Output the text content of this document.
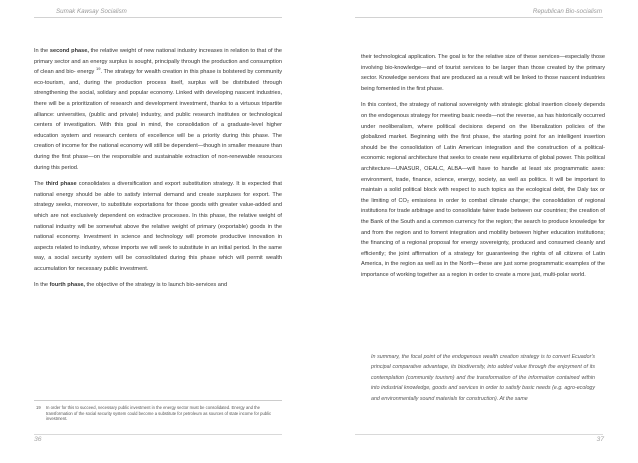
Sumak Kawsay Socialism

In the second phase, the relative weight of new national industry increases in relation to that of the primary sector and an energy surplus is sought, principally through the production and consumption of clean and bio- energy $^{19}$. The strategy for wealth creation in this phase is bolstered by community eco-tourism, and, during the production process itself, surplus will be distributed through strengthening the social, solidary and popular economy. Linked with developing nascent industries, there will be a prioritization of research and development investment, thanks to a virtuous tripartite alliance: universities, (public and private) industry, and public research institutes or technological centers of investigation. With this goal in mind, the consolidation of a graduate-level higher education system and research centers of excellence will be a priority during this phase. The creation of income for the national economy will still be dependent—though in smaller measure than during the first phase—on the responsible and sustainable extraction of non-renewable resources during this period.

The third phase consolidates a diversification and export substitution strategy. It is expected that national energy should be able to satisfy internal demand and create surpluses for export. The strategy seeks, moreover, to substitute exportations for those goods with greater value-added and which are not exclusively dependent on extractive processes. In this phase, the relative weight of national industry will be somewhat above the relative weight of primary (exportable) goods in the national economy. Investment in science and technology will promote productive innovation in aspects related to industry, whose imports we will seek to substitute in an initial period. In the same way, a social security system will be consolidated during this phase which will permit wealth accumulation for necessary public investment.

In the fourth phase, the objective of the strategy is to launch bio-services and

19 In order for this to succeed, necessary public investment in the energy sector must be consolidated. Energy and the transformation of the social security system could become a substitute for petroleum as sources of state income for public investment.
36
Republican Bio-socialism

their technological application. The goal is for the relative size of these services—especially those involving bio-knowledge—and of tourist services to be larger than those created by the primary sector. Knowledge services that are produced as a result will be linked to those nascent industries being fomented in the first phase.

In this context, the strategy of national sovereignty with strategic global insertion closely depends on the endogenous strategy for meeting basic needs—not the reverse, as has historically occurred under neoliberalism, where political decisions depend on the liberalization policies of the globalized market. Beginning with the first phase, the starting point for an intelligent insertion should be the consolidation of Latin American integration and the construction of a political-economic regional architecture that seeks to create new equilibriums of global power. This political architecture—UNASUR, OEALC, ALBA—will have to handle at least six programmatic axes: environment, trade, finance, science, energy, society, as well as politics. It will be important to maintain a solid political block with respect to such topics as the ecological debt, the Daly tax or the limiting of CO₂ emissions in order to combat climate change; the consolidation of regional institutions for trade arbitrage and to consolidate fairer trade between our countries; the creation of the Bank of the South and a common currency for the region; the search to produce knowledge for and from the region and to foment integration and mobility between higher education institutions; the financing of a regional proposal for energy sovereignty, produced and consumed cleanly and efficiently; the joint affirmation of a strategy for guaranteeing the rights of all citizens of Latin America, in the region as well as in the North—these are just some programmatic examples of the importance of working together as a region in order to create a more just, multi-polar world.

In summary, the focal point of the endogenous wealth creation strategy is to convert Ecuador's principal comparative advantage, its biodiversity, into added value through the enjoyment of its contemplation (community tourism) and the transformation of the information contained within into industrial knowledge, goods and services in order to satisfy basic needs (e.g. agro-ecology and environmentally sound materials for construction). At the same

37
